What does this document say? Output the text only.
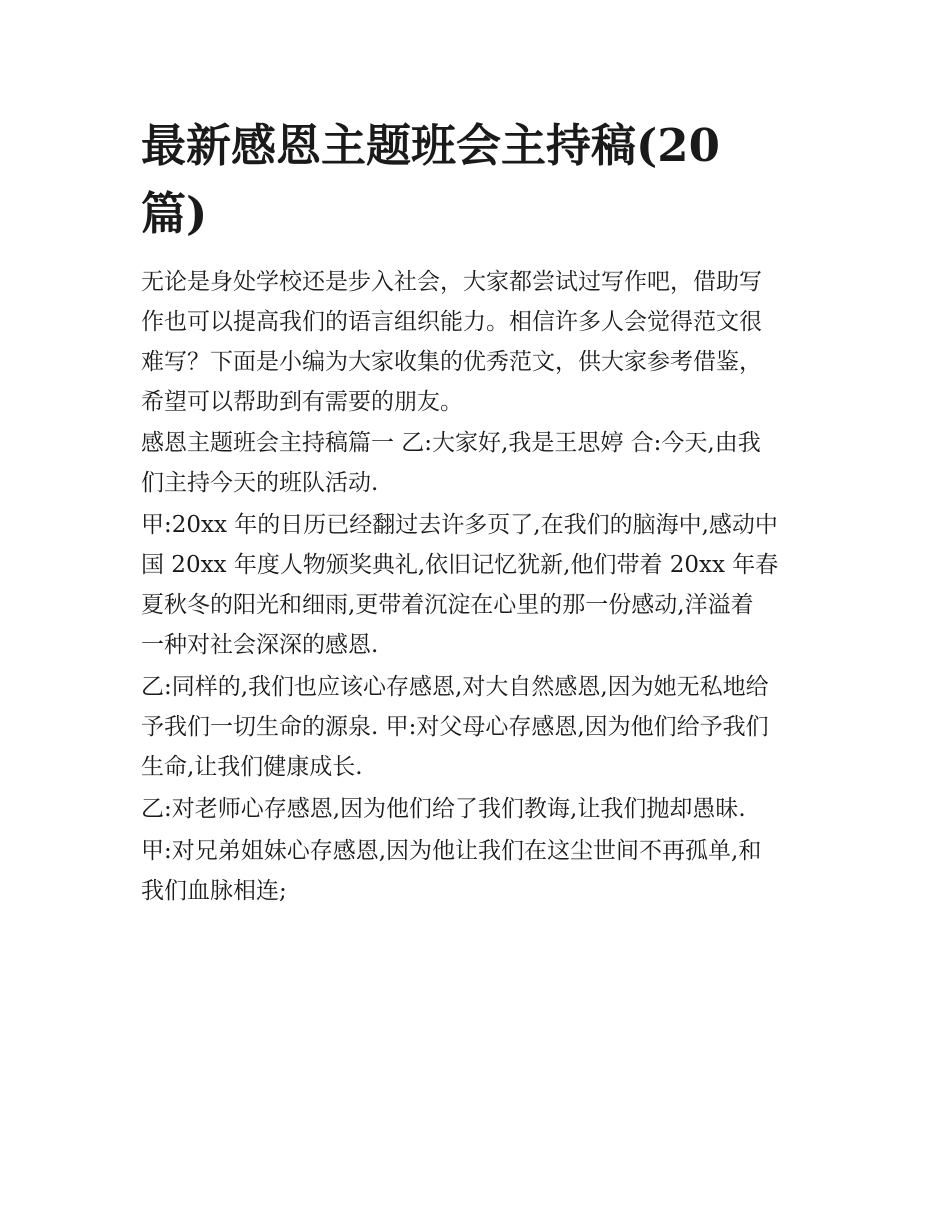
最新感恩主题班会主持稿(20
篇)
无论是身处学校还是步入社会，大家都尝试过写作吧，借助写
作也可以提高我们的语言组织能力。相信许多人会觉得范文很
难写？下面是小编为大家收集的优秀范文，供大家参考借鉴，
希望可以帮助到有需要的朋友。
感恩主题班会主持稿篇一 乙:大家好,我是王思婷 合:今天,由我
们主持今天的班队活动.
甲:20xx 年的日历已经翻过去许多页了,在我们的脑海中,感动中
国 20xx 年度人物颁奖典礼,依旧记忆犹新,他们带着 20xx 年春
夏秋冬的阳光和细雨,更带着沉淀在心里的那一份感动,洋溢着
一种对社会深深的感恩.
乙:同样的,我们也应该心存感恩,对大自然感恩,因为她无私地给
予我们一切生命的源泉. 甲:对父母心存感恩,因为他们给予我们
生命,让我们健康成长.
乙:对老师心存感恩,因为他们给了我们教诲,让我们抛却愚昧.
甲:对兄弟姐妹心存感恩,因为他让我们在这尘世间不再孤单,和
我们血脉相连;
